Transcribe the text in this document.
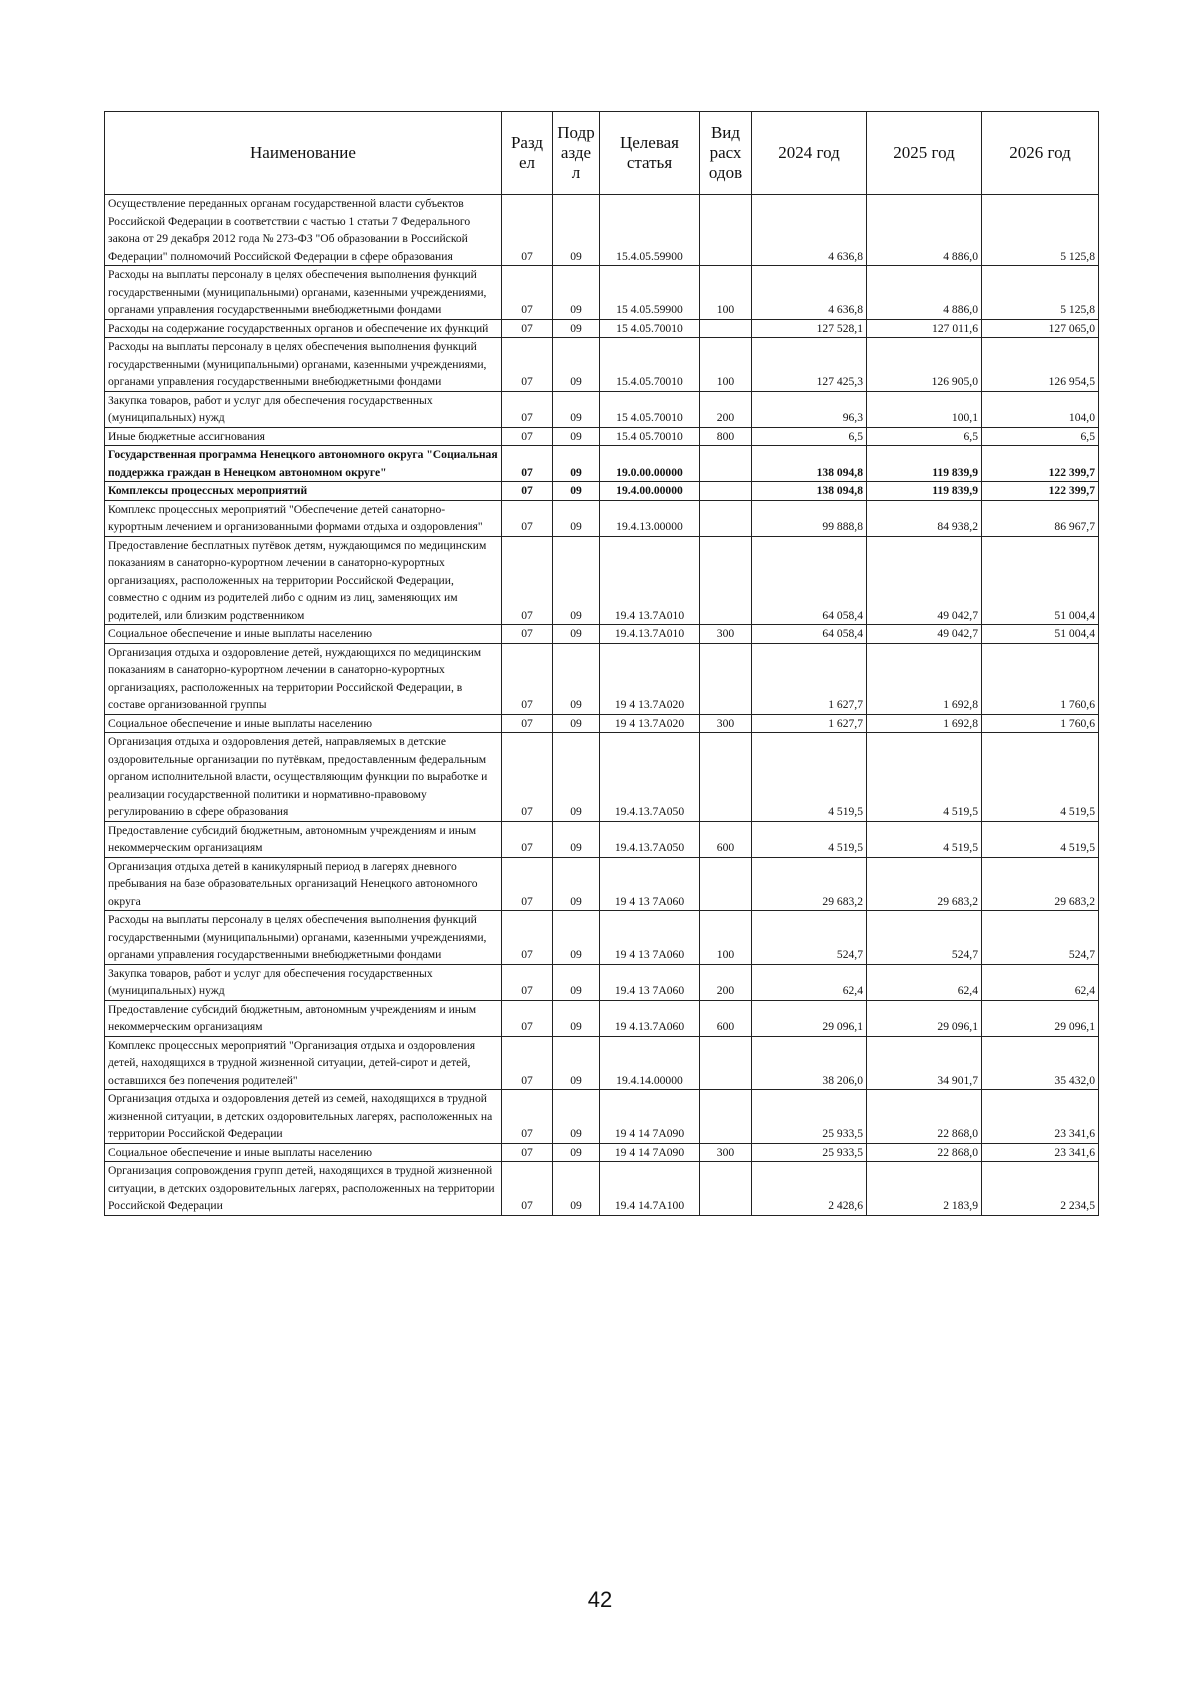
Наименование	Разд ел	Подр азде л	Целевая статья	Вид расх одов	2024 год	2025 год	2026 год
Осуществление переданных органам государственной власти субъектов Российской Федерации в соответствии с частью 1 статьи 7 Федерального закона от 29 декабря 2012 года № 273-ФЗ "Об образовании в Российской Федерации" полномочий Российской Федерации в сфере образования	07	09	15.4.05.59900		4 636,8	4 886,0	5 125,8
Расходы на выплаты персоналу в целях обеспечения выполнения функций государственными (муниципальными) органами, казенными учреждениями, органами управления государственными внебюджетными фондами	07	09	15 4.05.59900	100	4 636,8	4 886,0	5 125,8
Расходы на содержание государственных органов и обеспечение их функций	07	09	15 4.05.70010		127 528,1	127 011,6	127 065,0
Расходы на выплаты персоналу в целях обеспечения выполнения функций государственными (муниципальными) органами, казенными учреждениями, органами управления государственными внебюджетными фондами	07	09	15.4.05.70010	100	127 425,3	126 905,0	126 954,5
Закупка товаров, работ и услуг для обеспечения государственных (муниципальных) нужд	07	09	15 4.05.70010	200	96,3	100,1	104,0
Иные бюджетные ассигнования	07	09	15.4 05.70010	800	6,5	6,5	6,5
Государственная программа Ненецкого автономного округа "Социальная поддержка граждан в Ненецком автономном округе"	07	09	19.0.00.00000		138 094,8	119 839,9	122 399,7
Комплексы процессных мероприятий	07	09	19.4.00.00000		138 094,8	119 839,9	122 399,7
Комплекс процессных мероприятий "Обеспечение детей санаторно-курортным лечением и организованными формами отдыха и оздоровления"	07	09	19.4.13.00000		99 888,8	84 938,2	86 967,7
Предоставление бесплатных путёвок детям, нуждающимся по медицинским показаниям в санаторно-курортном лечении в санаторно-курортных организациях, расположенных на территории Российской Федерации, совместно с одним из родителей либо с одним из лиц, заменяющих им родителей, или близким родственником	07	09	19.4 13.7A010		64 058,4	49 042,7	51 004,4
Социальное обеспечение и иные выплаты населению	07	09	19.4.13.7A010	300	64 058,4	49 042,7	51 004,4
Организация отдыха и оздоровление детей, нуждающихся по медицинским показаниям в санаторно-курортном лечении в санаторно-курортных организациях, расположенных на территории Российской Федерации, в составе организованной группы	07	09	19 4 13.7A020		1 627,7	1 692,8	1 760,6
Социальное обеспечение и иные выплаты населению	07	09	19 4 13.7A020	300	1 627,7	1 692,8	1 760,6
Организация отдыха и оздоровления детей, направляемых в детские оздоровительные организации по путёвкам, предоставленным федеральным органом исполнительной власти, осуществляющим функции по выработке и реализации государственной политики и нормативно-правовому регулированию в сфере образования	07	09	19.4.13.7A050		4 519,5	4 519,5	4 519,5
Предоставление субсидий бюджетным, автономным учреждениям и иным некоммерческим организациям	07	09	19.4.13.7A050	600	4 519,5	4 519,5	4 519,5
Организация отдыха детей в каникулярный период в лагерях дневного пребывания на базе образовательных организаций Ненецкого автономного округа	07	09	19 4 13 7A060		29 683,2	29 683,2	29 683,2
Расходы на выплаты персоналу в целях обеспечения выполнения функций государственными (муниципальными) органами, казенными учреждениями, органами управления государственными внебюджетными фондами	07	09	19 4 13 7A060	100	524,7	524,7	524,7
Закупка товаров, работ и услуг для обеспечения государственных (муниципальных) нужд	07	09	19.4 13 7A060	200	62,4	62,4	62,4
Предоставление субсидий бюджетным, автономным учреждениям и иным некоммерческим организациям	07	09	19 4.13.7A060	600	29 096,1	29 096,1	29 096,1
Комплекс процессных мероприятий "Организация отдыха и оздоровления детей, находящихся в трудной жизненной ситуации, детей-сирот и детей, оставшихся без попечения родителей"	07	09	19.4.14.00000		38 206,0	34 901,7	35 432,0
Организация отдыха и оздоровления детей из семей, находящихся в трудной жизненной ситуации, в детских оздоровительных лагерях, расположенных на территории Российской Федерации	07	09	19 4 14 7A090		25 933,5	22 868,0	23 341,6
Социальное обеспечение и иные выплаты населению	07	09	19 4 14 7A090	300	25 933,5	22 868,0	23 341,6
Организация сопровождения групп детей, находящихся в трудной жизненной ситуации, в детских оздоровительных лагерях, расположенных на территории Российской Федерации	07	09	19.4 14.7A100		2 428,6	2 183,9	2 234,5
42
